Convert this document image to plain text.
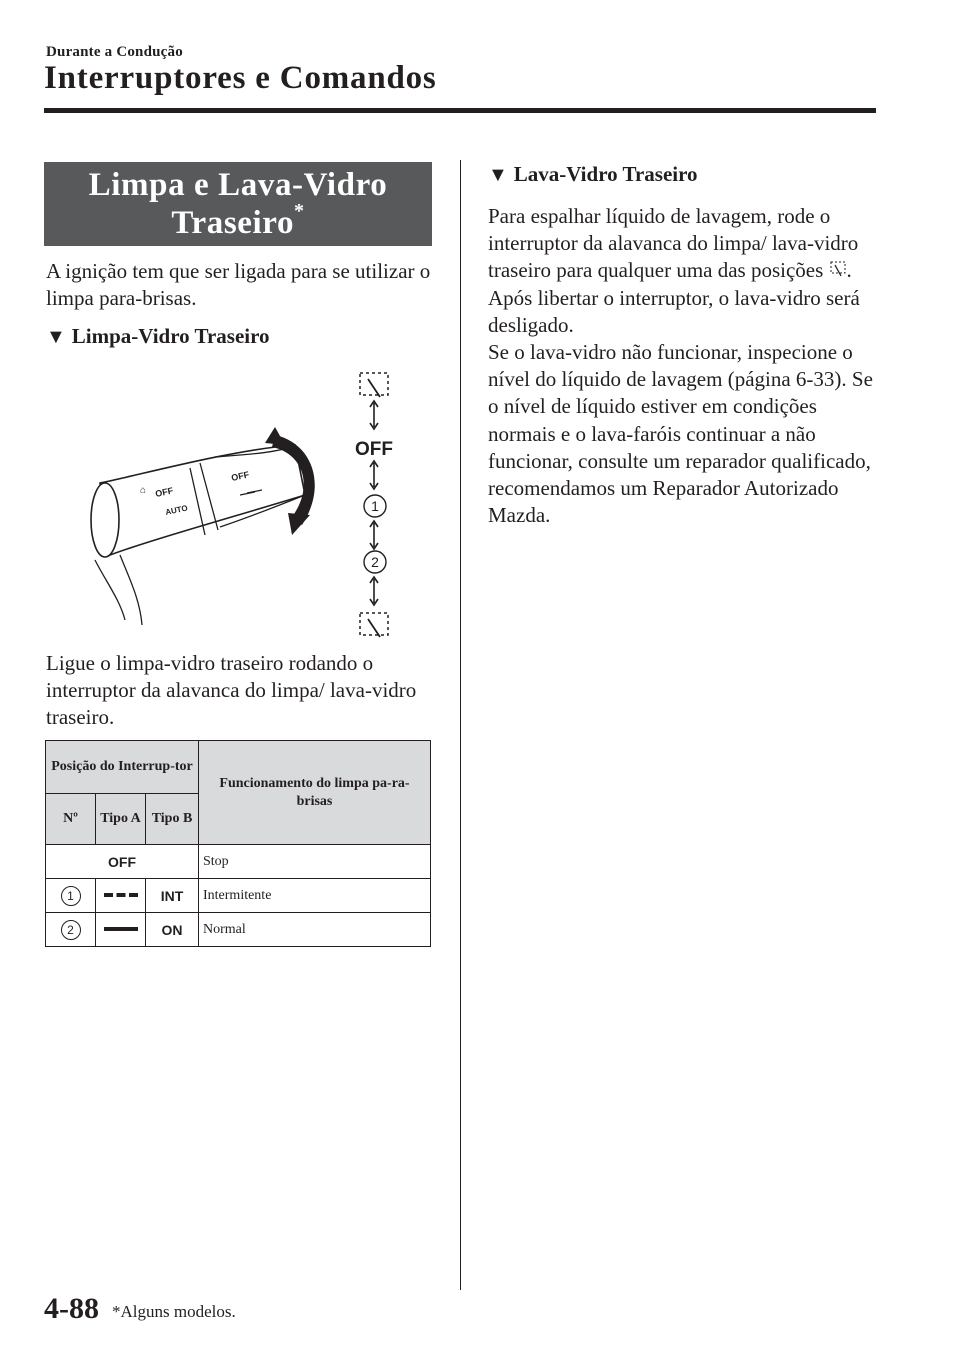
Durante a Condução
Interruptores e Comandos
Limpa e Lava-Vidro
Traseiro*
A ignição tem que ser ligada para se utilizar o limpa para-brisas.
▼ Limpa-Vidro Traseiro
⌂ OFF
AUTO
OFF
OFF
1
2
Ligue o limpa-vidro traseiro rodando o interruptor da alavanca do limpa/ lava-vidro traseiro.
Posição do Interrup-tor			Funcionamento do limpa pa-ra-brisas
Nº	Tipo A	Tipo B	
OFF			Stop
1		INT	Intermitente
2		ON	Normal
▼ Lava-Vidro Traseiro
Para espalhar líquido de lavagem, rode o interruptor da alavanca do limpa/ lava-vidro traseiro para qualquer uma das posições . Após libertar o interruptor, o lava-vidro será desligado.
Se o lava-vidro não funcionar, inspecione o nível do líquido de lavagem (página 6-33). Se o nível de líquido estiver em condições normais e o lava-faróis continuar a não funcionar, consulte um reparador qualificado, recomendamos um Reparador Autorizado Mazda.
4-88 *Alguns modelos.
